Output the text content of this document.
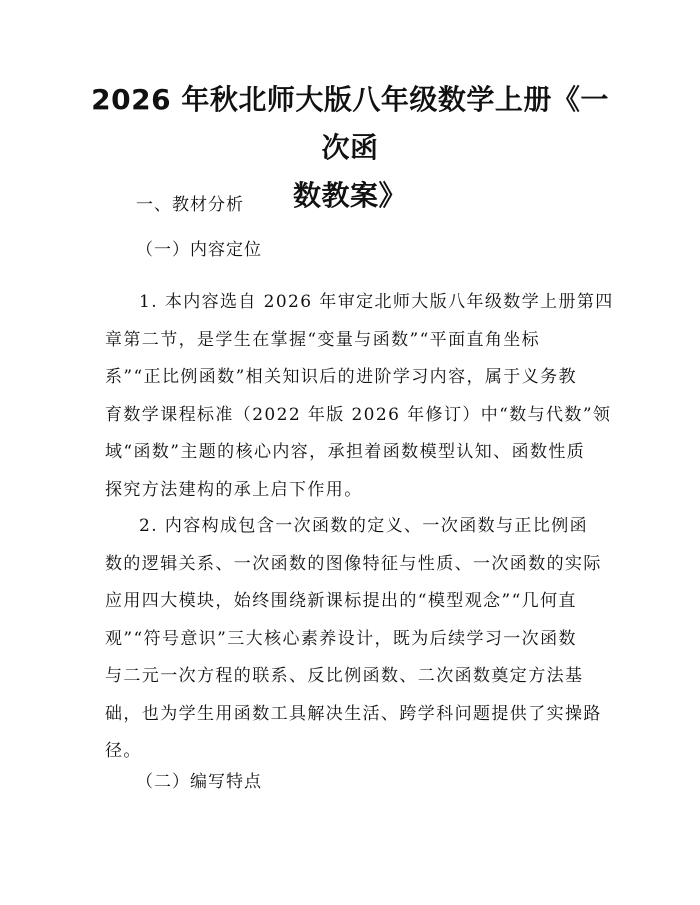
2026 年秋北师大版八年级数学上册《一次函
数教案》
一、教材分析
（一）内容定位
1. 本内容选自 2026 年审定北师大版八年级数学上册第四
章第二节，是学生在掌握“变量与函数”“平面直角坐标
系”“正比例函数”相关知识后的进阶学习内容，属于义务教
育数学课程标准（2022 年版 2026 年修订）中“数与代数”领
域“函数”主题的核心内容，承担着函数模型认知、函数性质
探究方法建构的承上启下作用。
2. 内容构成包含一次函数的定义、一次函数与正比例函
数的逻辑关系、一次函数的图像特征与性质、一次函数的实际
应用四大模块，始终围绕新课标提出的“模型观念”“几何直
观”“符号意识”三大核心素养设计，既为后续学习一次函数
与二元一次方程的联系、反比例函数、二次函数奠定方法基
础，也为学生用函数工具解决生活、跨学科问题提供了实操路
径。
（二）编写特点
